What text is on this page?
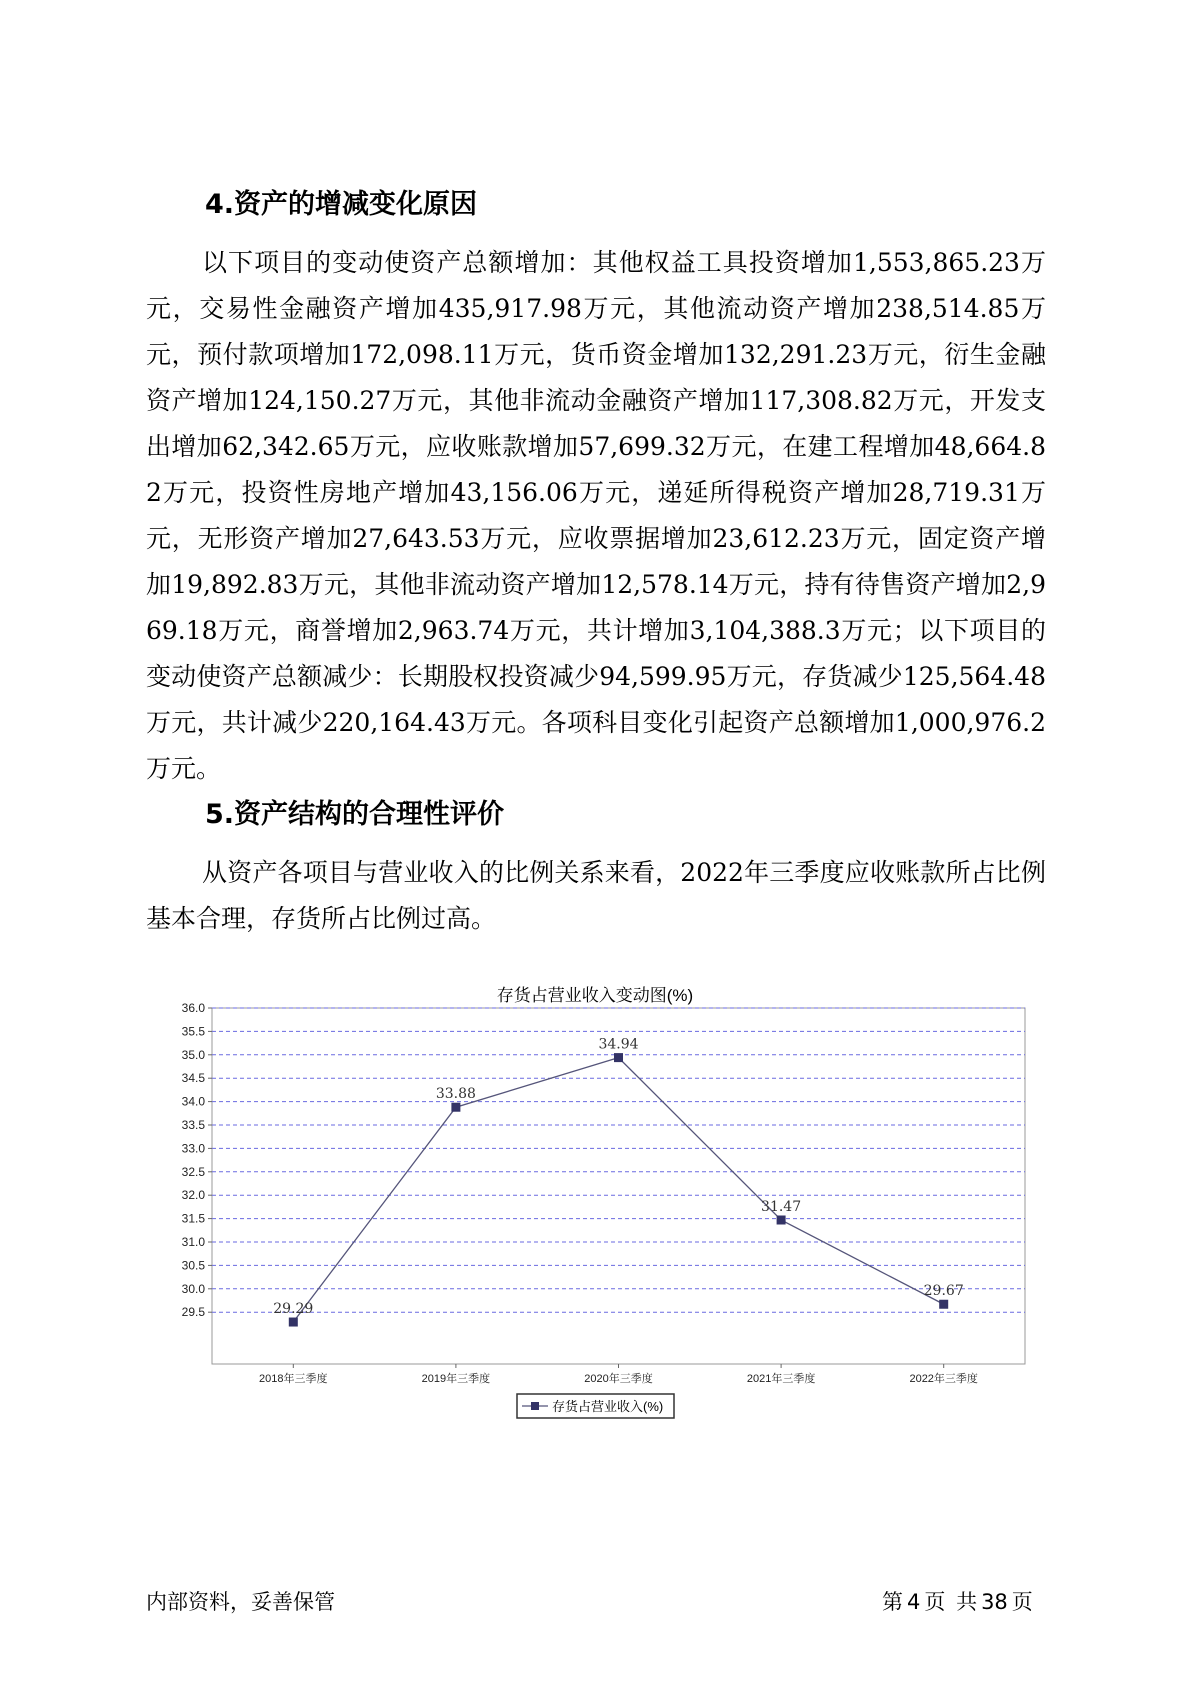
4.资产的增减变化原因

以下项目的变动使资产总额增加：其他权益工具投资增加1,553,865.23万元，交易性金融资产增加435,917.98万元，其他流动资产增加238,514.85万元，预付款项增加172,098.11万元，货币资金增加132,291.23万元，衍生金融资产增加124,150.27万元，其他非流动金融资产增加117,308.82万元，开发支出增加62,342.65万元，应收账款增加57,699.32万元，在建工程增加48,664.82万元，投资性房地产增加43,156.06万元，递延所得税资产增加28,719.31万元，无形资产增加27,643.53万元，应收票据增加23,612.23万元，固定资产增加19,892.83万元，其他非流动资产增加12,578.14万元，持有待售资产增加2,969.18万元，商誉增加2,963.74万元，共计增加3,104,388.3万元；以下项目的变动使资产总额减少：长期股权投资减少94,599.95万元，存货减少125,564.48万元，共计减少220,164.43万元。各项科目变化引起资产总额增加1,000,976.2万元。

5.资产结构的合理性评价

从资产各项目与营业收入的比例关系来看，2022年三季度应收账款所占比例基本合理，存货所占比例过高。

存货占营业收入变动图(%)
36.0
35.5
35.0
34.5
34.0
33.5
33.0
32.5
32.0
31.5
31.0
30.5
30.0
29.5
2018年三季度	2019年三季度	2020年三季度	2021年三季度	2022年三季度
29.29
33.88
34.94
31.47
29.67
存货占营业收入(%)
内部资料，妥善保管	第 4 页 共 38 页
